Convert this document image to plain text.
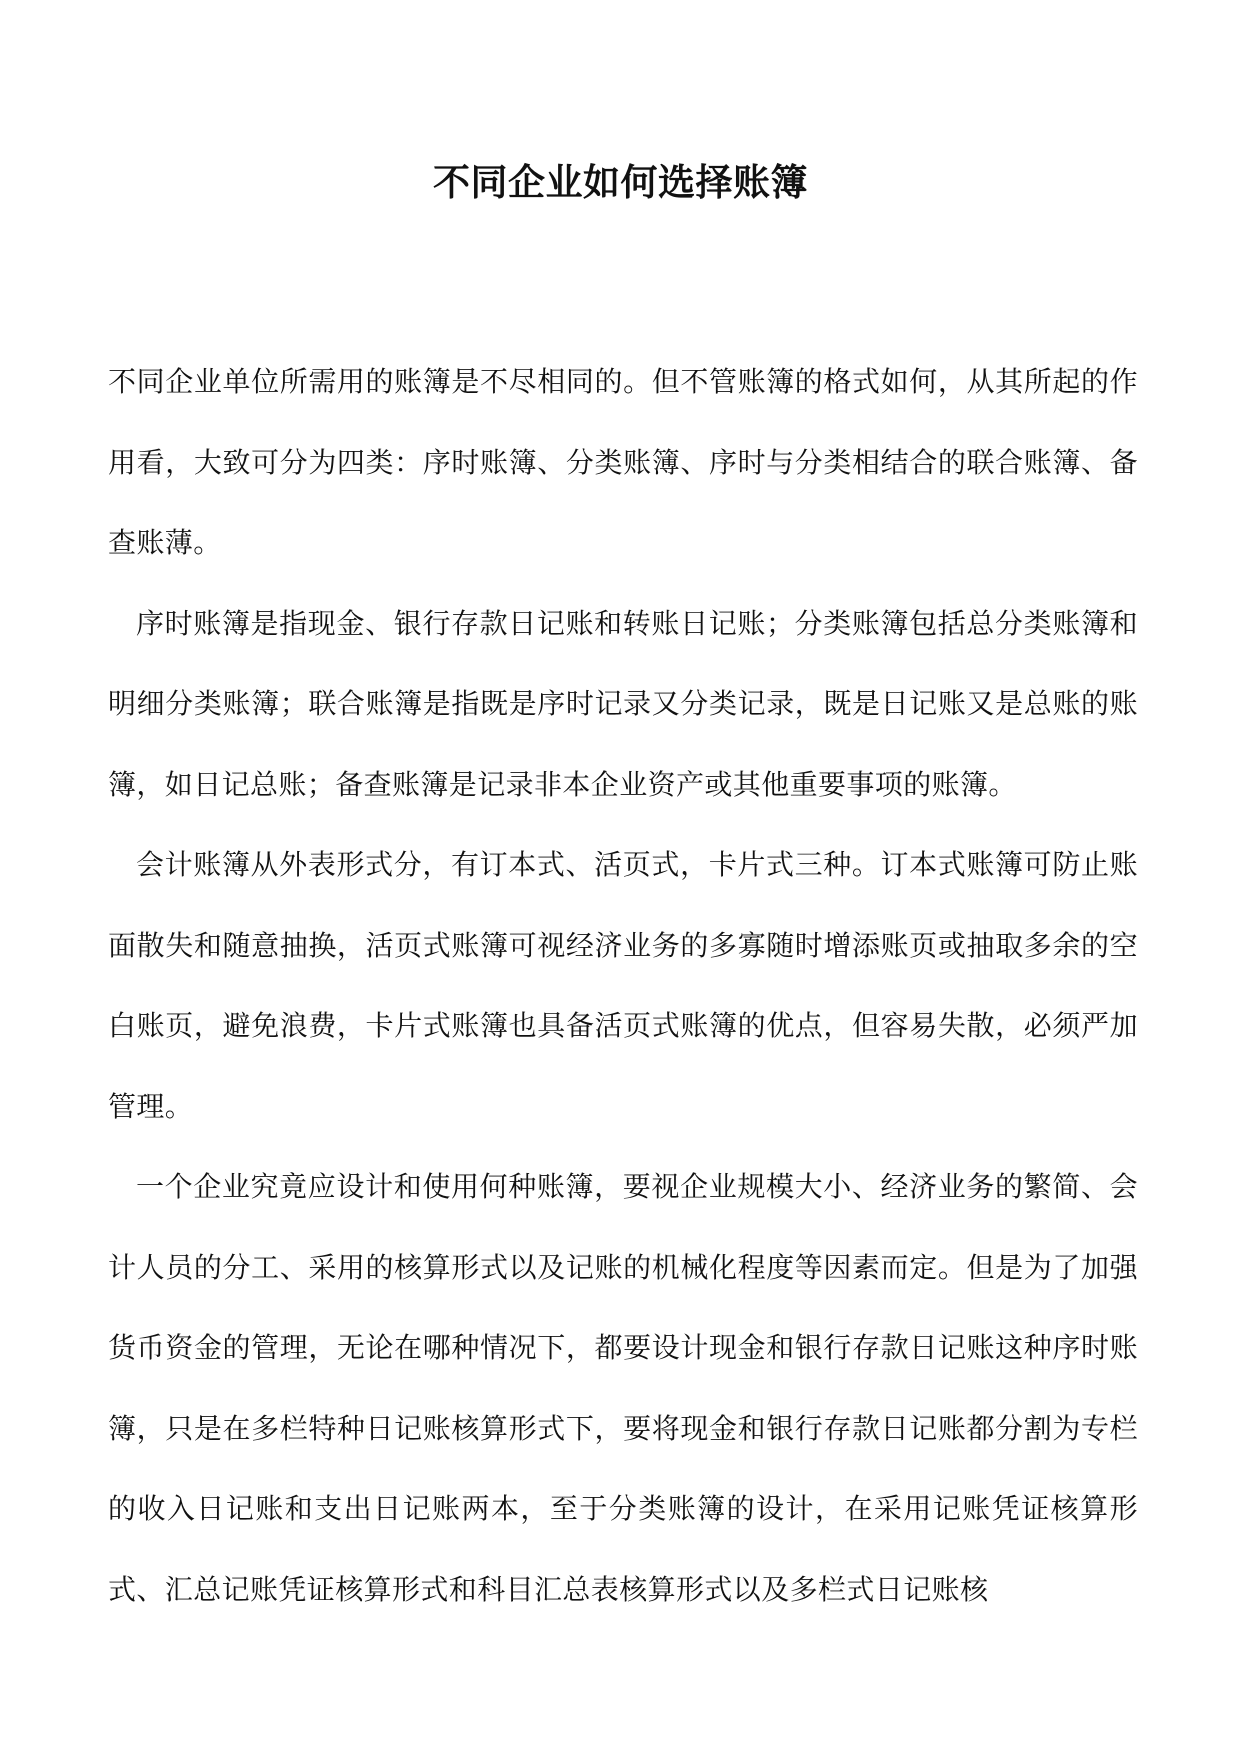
不同企业如何选择账簿

不同企业单位所需用的账簿是不尽相同的。但不管账簿的格式如何，从其所起的作用看，大致可分为四类：序时账簿、分类账簿、序时与分类相结合的联合账簿、备查账薄。

序时账簿是指现金、银行存款日记账和转账日记账；分类账簿包括总分类账簿和明细分类账簿；联合账簿是指既是序时记录又分类记录，既是日记账又是总账的账簿，如日记总账；备查账簿是记录非本企业资产或其他重要事项的账簿。

会计账簿从外表形式分，有订本式、活页式，卡片式三种。订本式账簿可防止账面散失和随意抽换，活页式账簿可视经济业务的多寡随时增添账页或抽取多余的空白账页，避免浪费，卡片式账簿也具备活页式账簿的优点，但容易失散，必须严加管理。

一个企业究竟应设计和使用何种账簿，要视企业规模大小、经济业务的繁简、会计人员的分工、采用的核算形式以及记账的机械化程度等因素而定。但是为了加强货币资金的管理，无论在哪种情况下，都要设计现金和银行存款日记账这种序时账簿，只是在多栏特种日记账核算形式下，要将现金和银行存款日记账都分割为专栏的收入日记账和支出日记账两本，至于分类账簿的设计，在采用记账凭证核算形式、汇总记账凭证核算形式和科目汇总表核算形式以及多栏式日记账核
